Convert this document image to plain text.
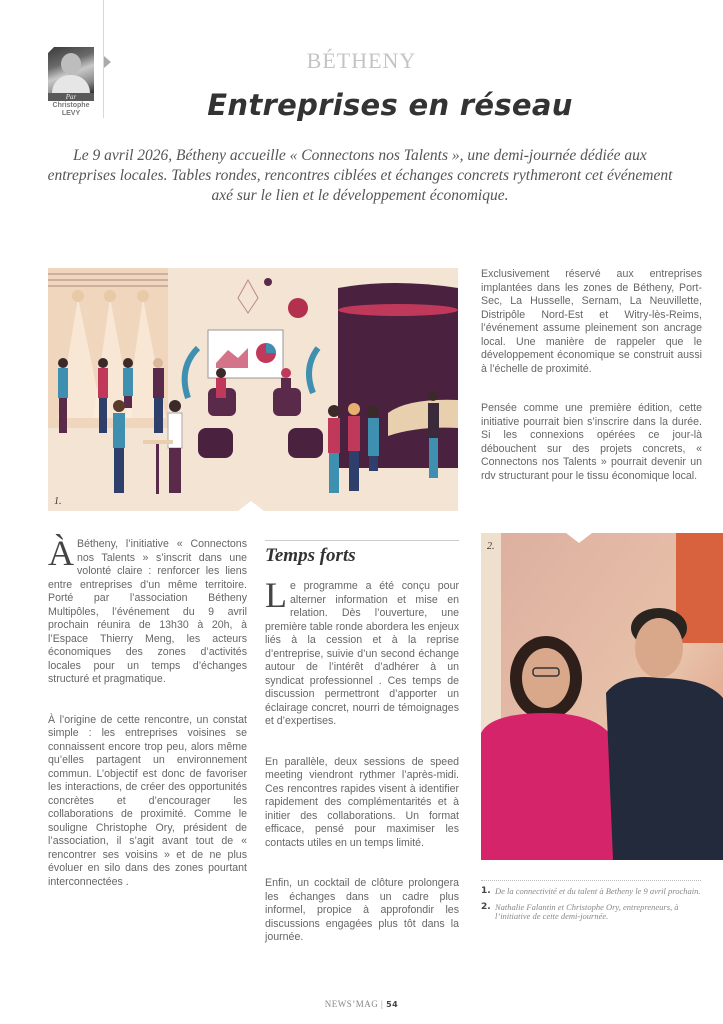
Par
Christophe
LEVY
BÉTHENY
Entreprises en réseau
Le 9 avril 2026, Bétheny accueille « Connectons nos Talents », une demi-journée dédiée aux entreprises locales. Tables rondes, rencontres ciblées et échanges concrets rythmeront cet événement axé sur le lien et le développement économique.
1.

Exclusivement réservé aux entreprises implantées dans les zones de Bétheny, Port-Sec, La Husselle, Sernam, La Neuvillette, Distripôle Nord-Est et Witry-lès-Reims, l’événement assume pleinement son ancrage local. Une manière de rappeler que le développement économique se construit aussi à l’échelle de proximité.

Pensée comme une première édition, cette initiative pourrait bien s’inscrire dans la durée. Si les connexions opérées ce jour-là débouchent sur des projets concrets, « Connectons nos Talents » pourrait devenir un rdv structurant pour le tissu économique local.

À Bétheny, l’initiative « Connectons nos Talents » s’inscrit dans une volonté claire : renforcer les liens entre entreprises d’un même territoire. Porté par l’association Bétheny Multipôles, l’événement du 9 avril prochain réunira de 13h30 à 20h, à l’Espace Thierry Meng, les acteurs économiques des zones d’activités locales pour un temps d’échanges structuré et pragmatique.

À l’origine de cette rencontre, un constat simple : les entreprises voisines se connaissent encore trop peu, alors même qu’elles partagent un environnement commun. L’objectif est donc de favoriser les interactions, de créer des opportunités concrètes et d’encourager les collaborations de proximité. Comme le souligne Christophe Ory, président de l’association, il s’agit avant tout de « rencontrer ses voisins » et de ne plus évoluer en silo dans des zones pourtant interconnectées .

Temps forts

L e programme a été conçu pour alterner information et mise en relation. Dès l’ouverture, une première table ronde abordera les enjeux liés à la cession et à la reprise d’entreprise, suivie d’un second échange autour de l’intérêt d’adhérer à un syndicat professionnel . Ces temps de discussion permettront d’apporter un éclairage concret, nourri de témoignages et d’expertises.

En parallèle, deux sessions de speed meeting viendront rythmer l’après-midi. Ces rencontres rapides visent à identifier rapidement des complémentarités et à initier des collaborations. Un format efficace, pensé pour maximiser les contacts utiles en un temps limité.

Enfin, un cocktail de clôture prolongera les échanges dans un cadre plus informel, propice à approfondir les discussions engagées plus tôt dans la journée.

2.
1. De la connectivité et du talent à Betheny le 9 avril prochain.
2. Nathalie Falantin et Christophe Ory, entrepreneurs, à l’initiative de cette demi-journée.
NEWS’MAG | 54
